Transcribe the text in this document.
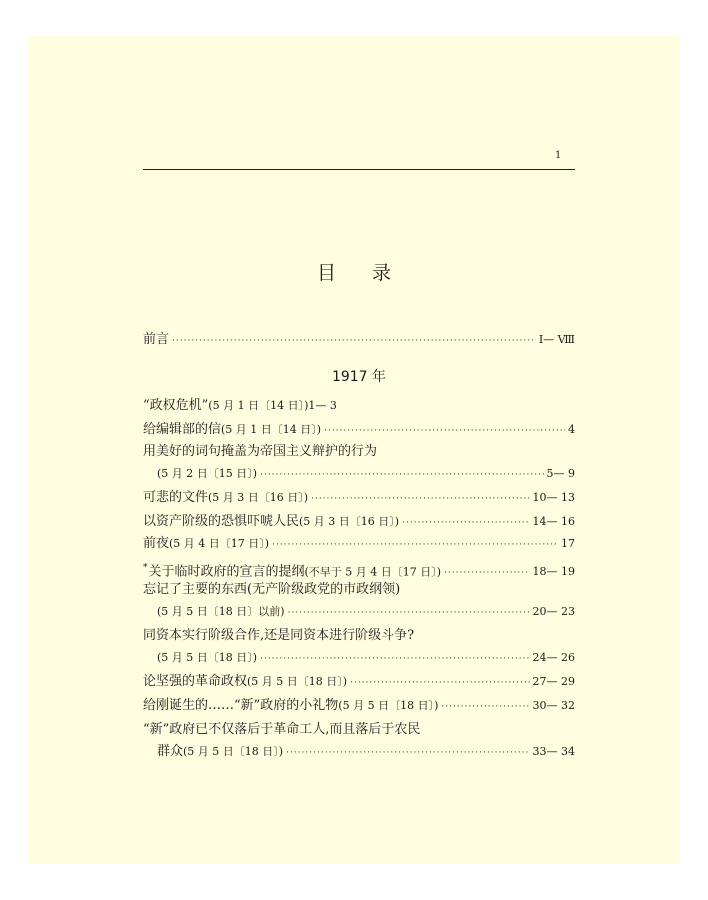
1
目 录
前言 ·····	Ⅰ— Ⅷ
1917 年
“政权危机”(5 月 1 日〔14 日〕)1— 3
给编辑部的信(5 月 1 日〔14 日〕) ·····	4
用美好的词句掩盖为帝国主义辩护的行为
(5 月 2 日〔15 日〕) ·····	5— 9
可悲的文件(5 月 3 日〔16 日〕) ·····	10— 13
以资产阶级的恐惧吓唬人民(5 月 3 日〔16 日〕) ·····	14— 16
前夜(5 月 4 日〔17 日〕) ·····	17
*关于临时政府的宣言的提纲(不早于 5 月 4 日〔17 日〕) ·····	18— 19
忘记了主要的东西(无产阶级政党的市政纲领)
(5 月 5 日〔18 日〕以前) ·····	20— 23
同资本实行阶级合作,还是同资本进行阶级斗争?
(5 月 5 日〔18 日〕) ·····	24— 26
论坚强的革命政权(5 月 5 日〔18 日〕) ·····	27— 29
给刚诞生的……“新”政府的小礼物(5 月 5 日〔18 日〕) ·····	30— 32
“新”政府已不仅落后于革命工人,而且落后于农民
群众(5 月 5 日〔18 日〕) ·····	33— 34
